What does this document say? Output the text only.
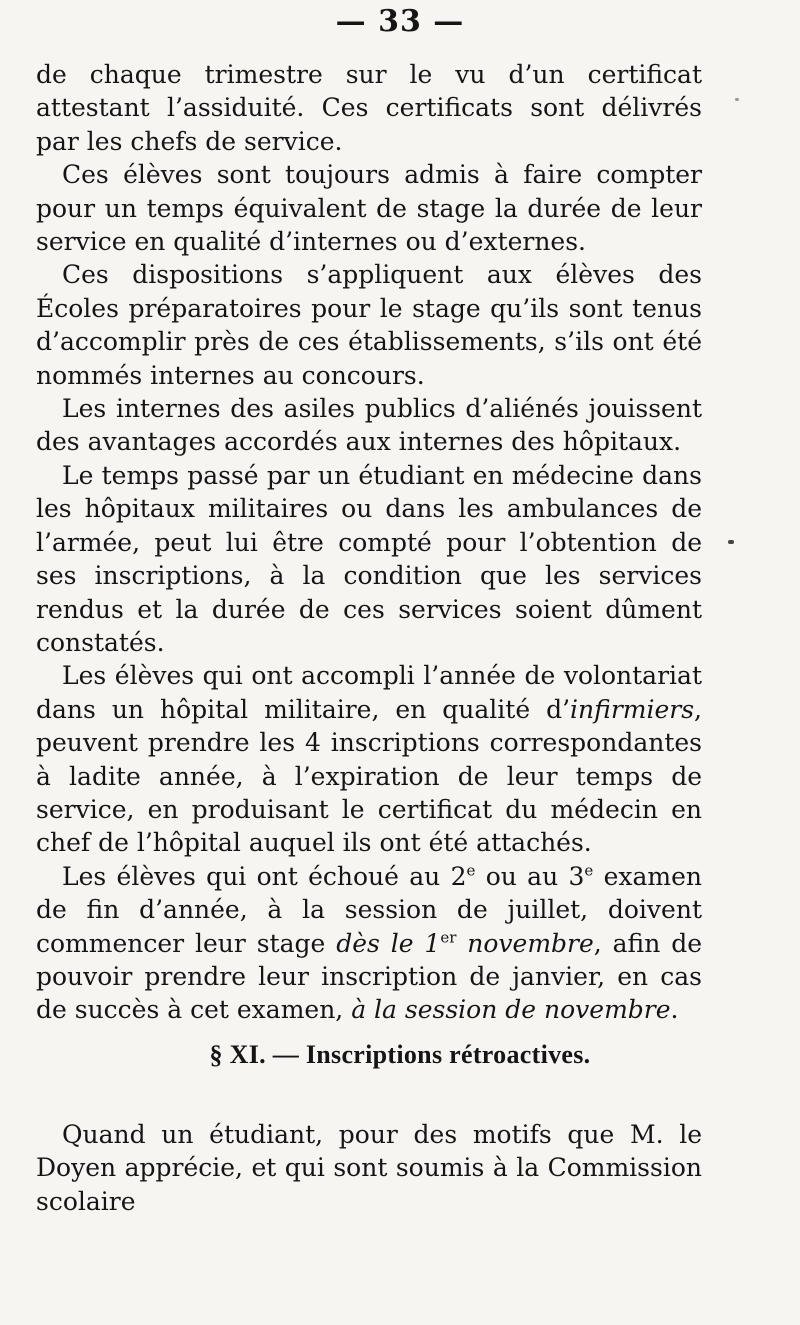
— 33 —

de chaque trimestre sur le vu d’un certificat attestant l’assiduité. Ces certificats sont délivrés par les chefs de service.

Ces élèves sont toujours admis à faire compter pour un temps équivalent de stage la durée de leur service en qualité d’internes ou d’externes.

Ces dispositions s’appliquent aux élèves des Écoles préparatoires pour le stage qu’ils sont tenus d’accomplir près de ces établissements, s’ils ont été nommés internes au concours.

Les internes des asiles publics d’aliénés jouissent des avantages accordés aux internes des hôpitaux.

Le temps passé par un étudiant en médecine dans les hôpitaux militaires ou dans les ambulances de l’armée, peut lui être compté pour l’obtention de ses inscriptions, à la condition que les services rendus et la durée de ces services soient dûment constatés.

Les élèves qui ont accompli l’année de volontariat dans un hôpital militaire, en qualité d’infirmiers, peuvent prendre les 4 inscriptions correspondantes à ladite année, à l’expiration de leur temps de service, en produisant le certificat du médecin en chef de l’hôpital auquel ils ont été attachés.

Les élèves qui ont échoué au 2e ou au 3e examen de fin d’année, à la session de juillet, doivent commencer leur stage dès le 1er novembre, afin de pouvoir prendre leur inscription de janvier, en cas de succès à cet examen, à la session de novembre.

§ XI. — Inscriptions rétroactives.

Quand un étudiant, pour des motifs que M. le Doyen apprécie, et qui sont soumis à la Commission scolaire
